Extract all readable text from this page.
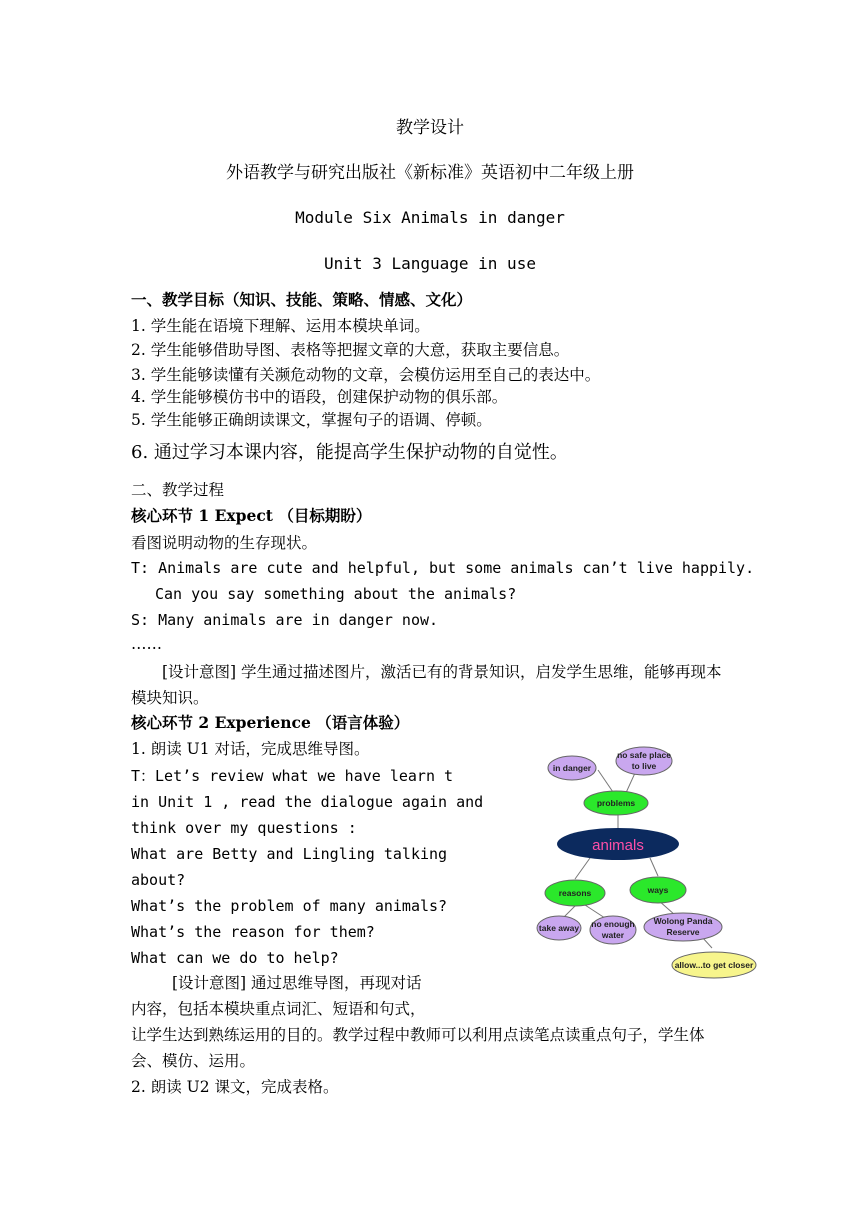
教学设计
外语教学与研究出版社《新标准》英语初中二年级上册
Module Six Animals in danger
Unit 3 Language in use
一、教学目标（知识、技能、策略、情感、文化）
1. 学生能在语境下理解、运用本模块单词。
2. 学生能够借助导图、表格等把握文章的大意，获取主要信息。
3. 学生能够读懂有关濒危动物的文章，会模仿运用至自己的表达中。
4. 学生能够模仿书中的语段，创建保护动物的俱乐部。
5. 学生能够正确朗读课文，掌握句子的语调、停顿。
6. 通过学习本课内容，能提高学生保护动物的自觉性。
二、教学过程
核心环节 1 Expect （目标期盼）
看图说明动物的生存现状。
T: Animals are cute and helpful, but some animals can’t live happily.
Can you say something about the animals?
S: Many animals are in danger now.
……
[设计意图] 学生通过描述图片，激活已有的背景知识，启发学生思维，能够再现本模块知识。
核心环节 2 Experience （语言体验）
1. 朗读 U1 对话，完成思维导图。
T：Let’s review what we have learn t
in Unit 1 , read the dialogue again and
think over my questions :
What are Betty and Lingling talking
about?
What’s the problem of many animals?
What’s the reason for them?
What can we do to help?
[设计意图] 通过思维导图，再现对话
内容，包括本模块重点词汇、短语和句式，
让学生达到熟练运用的目的。教学过程中教师可以利用点读笔点读重点句子，学生体会、模仿、运用。
2. 朗读 U2 课文，完成表格。
in danger
no safe place
to live
problems
animals
reasons	ways
take away no enough
water
Wolong Panda
Reserve
allow...to get closer
